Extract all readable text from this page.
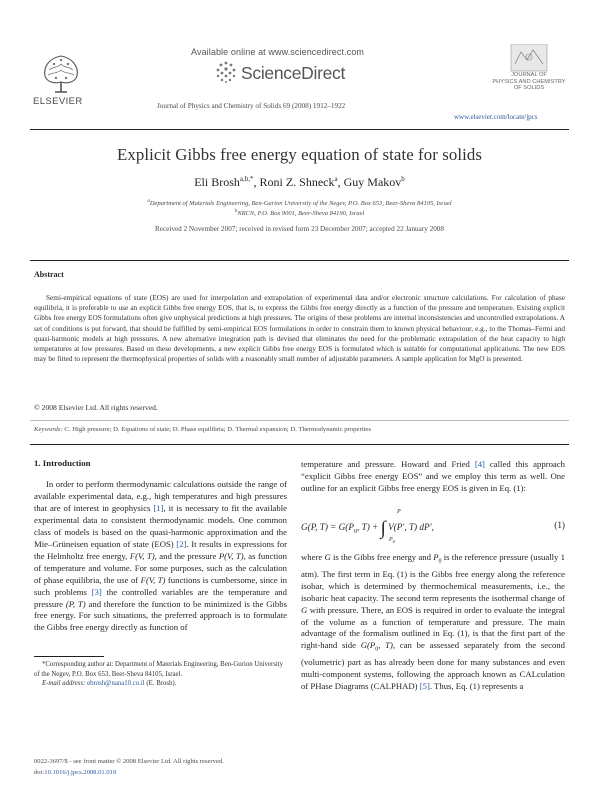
ELSEVIER
Available online at www.sciencedirect.com
ScienceDirect
Journal of Physics and Chemistry of Solids 69 (2008) 1912–1922
JOURNAL OF
PHYSICS AND CHEMISTRY
OF SOLIDS
www.elsevier.com/locate/jpcs
Explicit Gibbs free energy equation of state for solids
Eli Brosh$^{a,b,*}$, Roni Z. Shneck$^a$, Guy Makov$^b$
$^a$Department of Materials Engineering, Ben-Gurion University of the Negev, P.O. Box 653, Beer-Sheva 84105, Israel
$^b$NRCN, P.O. Box 9001, Beer-Sheva 84190, Israel
Received 2 November 2007; received in revised form 23 December 2007; accepted 22 January 2008
Abstract
Semi-empirical equations of state (EOS) are used for interpolation and extrapolation of experimental data and/or electronic structure calculations. For calculation of phase equilibria, it is preferable to use an explicit Gibbs free energy EOS, that is, to express the Gibbs free energy directly as a function of the pressure and temperature. Existing explicit Gibbs free energy EOS formulations often give unphysical predictions at high pressures. The origins of these problems are internal inconsistencies and uncontrolled extrapolations. A set of conditions is put forward, that should be fulfilled by semi-empirical EOS formulations in order to constrain them to known physical behaviour, e.g., to the Thomas–Fermi and quasi-harmonic models at high pressures. A new alternative integration path is devised that eliminates the need for the problematic extrapolation of the heat capacity to high temperatures at low pressures. Based on these developments, a new explicit Gibbs free energy EOS is formulated which is suitable for computational applications. The new EOS may be fitted to represent the thermophysical properties of solids with a reasonably small number of adjustable parameters. A sample application for MgO is presented.
© 2008 Elsevier Ltd. All rights reserved.
Keywords: C. High pressure; D. Equations of state; D. Phase equilibria; D. Thermal expansion; D. Thermodynamic properties
1. Introduction
In order to perform thermodynamic calculations outside the range of available experimental data, e.g., high temperatures and high pressures that are of interest in geophysics [1], it is necessary to fit the available experimental data to consistent thermodynamic models. One common class of models is based on the quasi-harmonic approximation and the Mie–Grüneisen equation of state (EOS) [2]. It results in expressions for the Helmholtz free energy, F(V, T), and the pressure P(V, T), as function of temperature and volume. For some purposes, such as the calculation of phase equilibria, the use of F(V, T) functions is cumbersome, since in such problems [3] the controlled variables are the temperature and pressure (P, T) and therefore the function to be minimized is the Gibbs free energy. For such situations, the preferred approach is to formulate the Gibbs free energy directly as function of
temperature and pressure. Howard and Fried [4] called this approach “explicit Gibbs free energy EOS” and we employ this term as well. One outline for an explicit Gibbs free energy EOS is given in Eq. (1):
G(P, $T) = G(P_0$, T) + ∫ V(P′, T) dP′,
P
$P_0$
(1)
where G is the Gibbs free energy and $P_0$ is the reference pressure (usually 1 atm). The first term in Eq. (1) is the Gibbs free energy along the reference isobar, which is determined by thermochemical measurements, i.e., the isobaric heat capacity. The second term represents the isothermal change of G with pressure. There, an EOS is required in order to evaluate the integral of the volume as a function of temperature and pressure. The main advantage of the formalism outlined in Eq. (1), is that the first part of the right-hand side $G(P_0$, T), can be assessed separately from the second (volumetric) part as has already been done for many substances and even multi-component systems, following the approach known as CALculation of PHase Diagrams (CALPHAD) [5]. Thus, Eq. (1) represents a
*Corresponding author at: Department of Materials Engineering, Ben-Gurion University of the Negev, P.O. Box 653, Beer-Sheva 84105, Israel.
E-mail address: ebrosh@nana10.co.il (E. Brosh).
0022-3697/$ - see front matter © 2008 Elsevier Ltd. All rights reserved.
doi:10.1016/j.jpcs.2008.01.019
